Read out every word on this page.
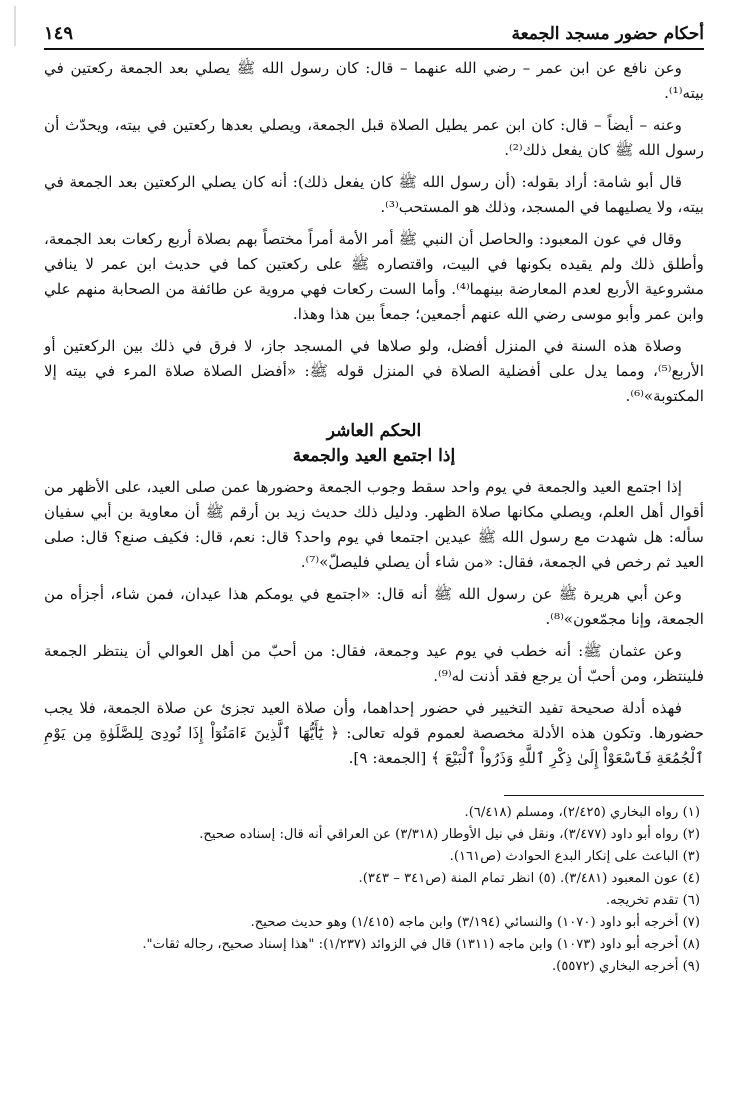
أحكام حضور مسجد الجمعة
١٤٩

وعن نافع عن ابن عمر – رضي الله عنهما – قال: كان رسول الله ﷺ يصلي بعد الجمعة ركعتين في بيته⁽¹⁾.

وعنه – أيضاً – قال: كان ابن عمر يطيل الصلاة قبل الجمعة، ويصلي بعدها ركعتين في بيته، ويحدّث أن رسول الله ﷺ كان يفعل ذلك⁽²⁾.

قال أبو شامة: أراد بقوله: (أن رسول الله ﷺ كان يفعل ذلك): أنه كان يصلي الركعتين بعد الجمعة في بيته، ولا يصليهما في المسجد، وذلك هو المستحب⁽³⁾.

وقال في عون المعبود: والحاصل أن النبي ﷺ أمر الأمة أمراً مختصاً بهم بصلاة أربع ركعات بعد الجمعة، وأطلق ذلك ولم يقيده بكونها في البيت، واقتصاره ﷺ على ركعتين كما في حديث ابن عمر لا ينافي مشروعية الأربع لعدم المعارضة بينهما⁽⁴⁾. وأما الست ركعات فهي مروية عن طائفة من الصحابة منهم علي وابن عمر وأبو موسى رضي الله عنهم أجمعين؛ جمعاً بين هذا وهذا.

وصلاة هذه السنة في المنزل أفضل، ولو صلاها في المسجد جاز، لا فرق في ذلك بين الركعتين أو الأربع⁽⁵⁾، ومما يدل على أفضلية الصلاة في المنزل قوله ﷺ: «أفضل الصلاة صلاة المرء في بيته إلا المكتوبة»⁽⁶⁾.

الحكم العاشر
إذا اجتمع العيد والجمعة

إذا اجتمع العيد والجمعة في يوم واحد سقط وجوب الجمعة وحضورها عمن صلى العيد، على الأظهر من أقوال أهل العلم، ويصلي مكانها صلاة الظهر. ودليل ذلك حديث زيد بن أرقم ﷺ أن معاوية بن أبي سفيان سأله: هل شهدت مع رسول الله ﷺ عيدين اجتمعا في يوم واحد؟ قال: نعم، قال: فكيف صنع؟ قال: صلى العيد ثم رخص في الجمعة، فقال: «من شاء أن يصلي فليصلّ»⁽⁷⁾.

وعن أبي هريرة ﷺ عن رسول الله ﷺ أنه قال: «اجتمع في يومكم هذا عيدان، فمن شاء، أجزأه من الجمعة، وإنا مجمّعون»⁽⁸⁾.

وعن عثمان ﷺ: أنه خطب في يوم عيد وجمعة، فقال: من أحبّ من أهل العوالي أن ينتظر الجمعة فلينتظر، ومن أحبّ أن يرجع فقد أذنت له⁽⁹⁾.

فهذه أدلة صحيحة تفيد التخيير في حضور إحداهما، وأن صلاة العيد تجزئ عن صلاة الجمعة، فلا يجب حضورها. وتكون هذه الأدلة مخصصة لعموم قوله تعالى: ﴿ يَٰٓأَيُّهَا ٱلَّذِينَ ءَامَنُوٓاْ إِذَا نُودِىَ لِلصَّلَوٰةِ مِن يَوْمِ ٱلْجُمُعَةِ فَٱسْعَوْاْ إِلَىٰ ذِكْرِ ٱللَّهِ وَذَرُواْ ٱلْبَيْعَ ﴾ [الجمعة: ٩].

(١) رواه البخاري (٢/٤٢٥)، ومسلم (٦/٤١٨).
(٢) رواه أبو داود (٣/٤٧٧)، ونقل في نيل الأوطار (٣/٣١٨) عن العراقي أنه قال: إسناده صحيح.
(٣) الباعث على إنكار البدع الحوادث (ص١٦١).
(٤) عون المعبود (٣/٤٨١). (٥) انظر تمام المنة (ص٣٤١ – ٣٤٣).
(٦) تقدم تخريجه.
(٧) أخرجه أبو داود (١٠٧٠) والنسائي (٣/١٩٤) وابن ماجه (١/٤١٥) وهو حديث صحيح.
(٨) أخرجه أبو داود (١٠٧٣) وابن ماجه (١٣١١) قال في الزوائد (١/٢٣٧): "هذا إسناد صحيح، رجاله ثقات".
(٩) أخرجه البخاري (٥٥٧٢).
